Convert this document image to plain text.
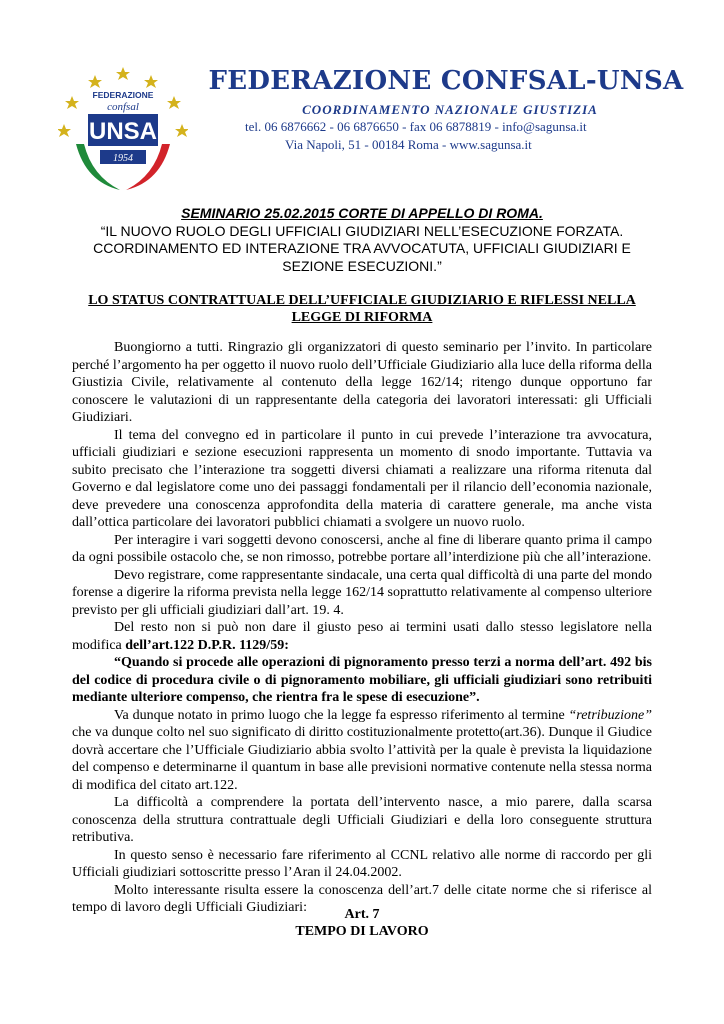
FEDERAZIONE
confsal
UNSA
1954
FEDERAZIONE CONFSAL-UNSA
COORDINAMENTO NAZIONALE GIUSTIZIA
tel. 06 6876662 - 06 6876650 - fax 06 6878819 - info@sagunsa.it
Via Napoli, 51 - 00184 Roma - www.sagunsa.it
SEMINARIO 25.02.2015 CORTE DI APPELLO DI ROMA.
“IL NUOVO RUOLO DEGLI UFFICIALI GIUDIZIARI NELL’ESECUZIONE FORZATA.
CCORDINAMENTO ED INTERAZIONE TRA AVVOCATUTA, UFFICIALI GIUDIZIARI E
SEZIONE ESECUZIONI.”
LO STATUS CONTRATTUALE DELL’UFFICIALE GIUDIZIARIO E RIFLESSI NELLA LEGGE DI RIFORMA

Buongiorno a tutti. Ringrazio gli organizzatori di questo seminario per l’invito. In particolare perché l’argomento ha per oggetto il nuovo ruolo dell’Ufficiale Giudiziario alla luce della riforma della Giustizia Civile, relativamente al contenuto della legge 162/14; ritengo dunque opportuno far conoscere le valutazioni di un rappresentante della categoria dei lavoratori interessati: gli Ufficiali Giudiziari.

Il tema del convegno ed in particolare il punto in cui prevede l’interazione tra avvocatura, ufficiali giudiziari e sezione esecuzioni rappresenta un momento di snodo importante. Tuttavia va subito precisato che l’interazione tra soggetti diversi chiamati a realizzare una riforma ritenuta dal Governo e dal legislatore come uno dei passaggi fondamentali per il rilancio dell’economia nazionale, deve prevedere una conoscenza approfondita della materia di carattere generale, ma anche vista dall’ottica particolare dei lavoratori pubblici chiamati a svolgere un nuovo ruolo.

Per interagire i vari soggetti devono conoscersi, anche al fine di liberare quanto prima il campo da ogni possibile ostacolo che, se non rimosso, potrebbe portare all’interdizione più che all’interazione.

Devo registrare, come rappresentante sindacale, una certa qual difficoltà di una parte del mondo forense a digerire la riforma prevista nella legge 162/14 soprattutto relativamente al compenso ulteriore previsto per gli ufficiali giudiziari dall’art. 19. 4.

Del resto non si può non dare il giusto peso ai termini usati dallo stesso legislatore nella modifica dell’art.122 D.P.R. 1129/59:

“Quando si procede alle operazioni di pignoramento presso terzi a norma dell’art. 492 bis del codice di procedura civile o di pignoramento mobiliare, gli ufficiali giudiziari sono retribuiti mediante ulteriore compenso, che rientra fra le spese di esecuzione”.

Va dunque notato in primo luogo che la legge fa espresso riferimento al termine “retribuzione” che va dunque colto nel suo significato di diritto costituzionalmente protetto(art.36). Dunque il Giudice dovrà accertare che l’Ufficiale Giudiziario abbia svolto l’attività per la quale è prevista la liquidazione del compenso e determinarne il quantum in base alle previsioni normative contenute nella stessa norma di modifica del citato art.122.

La difficoltà a comprendere la portata dell’intervento nasce, a mio parere, dalla scarsa conoscenza della struttura contrattuale degli Ufficiali Giudiziari e della loro conseguente struttura retributiva.

In questo senso è necessario fare riferimento al CCNL relativo alle norme di raccordo per gli Ufficiali giudiziari sottoscritte presso l’Aran il 24.04.2002.

Molto interessante risulta essere la conoscenza dell’art.7 delle citate norme che si riferisce al tempo di lavoro degli Ufficiali Giudiziari:	Art. 7
TEMPO DI LAVORO
